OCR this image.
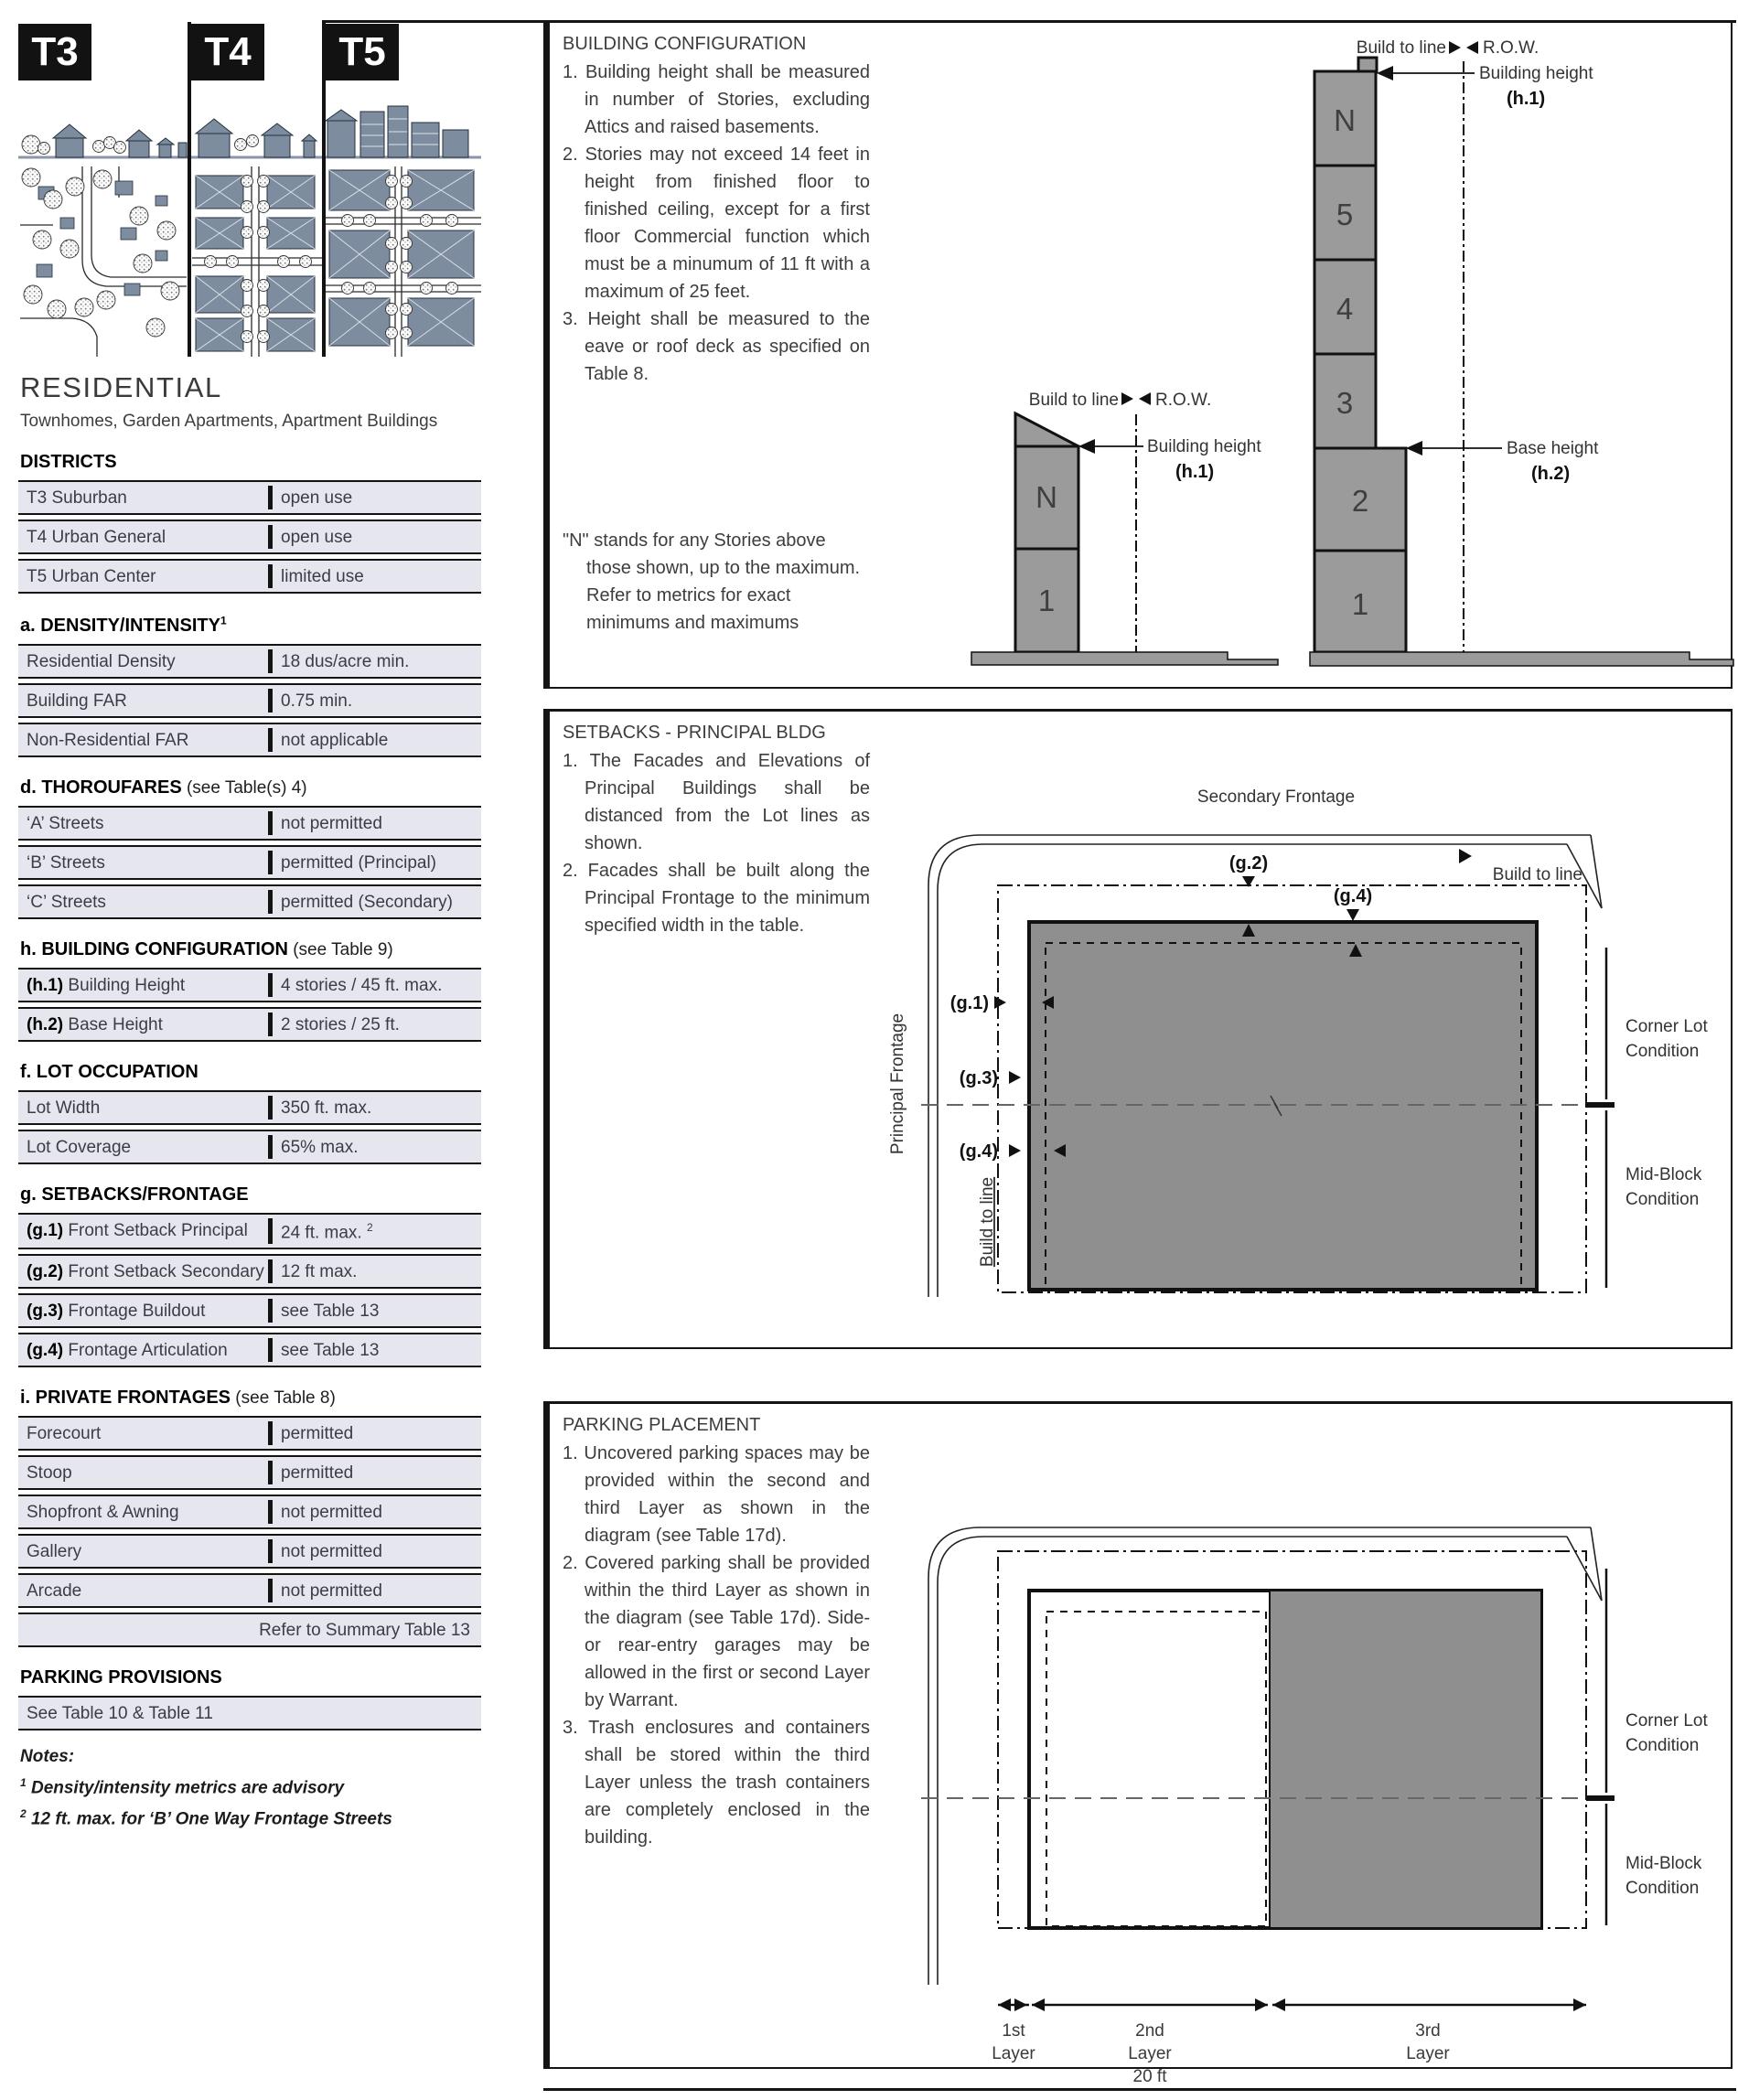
T3	T4 T5
RESIDENTIAL

Townhomes, Garden Apartments, Apartment Buildings

DISTRICTS
T3 Suburban	open use
T4 Urban General	open use
T5 Urban Center	limited use
a. DENSITY/INTENSITY$^1$
Residential Density	18 dus/acre min.
Building FAR	0.75 min.
Non-Residential FAR	not applicable
d. THOROUFARES (see Table(s) 4)
‘A’ Streets	not permitted
‘B’ Streets	permitted (Principal)
‘C’ Streets	permitted (Secondary)
h. BUILDING CONFIGURATION (see Table 9)
(h.1) Building Height	4 stories / 45 ft. max.
(h.2) Base Height	2 stories / 25 ft.
f. LOT OCCUPATION
Lot Width	350 ft. max.
Lot Coverage	65% max.
g. SETBACKS/FRONTAGE
(g.1) Front Setback Principal	24 ft. max. $^2$
(g.2) Front Setback Secondary 12 ft max.
(g.3) Frontage Buildout	see Table 13
(g.4) Frontage Articulation	see Table 13
i. PRIVATE FRONTAGES (see Table 8)
Forecourt	permitted
Stoop	permitted
Shopfront & Awning	not permitted
Gallery	not permitted
Arcade	not permitted
Refer to Summary Table 13
PARKING PROVISIONS
See Table 10 & Table 11

Notes:

$^1$ Density/intensity metrics are advisory

$^2$ 12 ft. max. for ‘B’ One Way Frontage Streets

BUILDING CONFIGURATION

1. Building height shall be measured in number of Stories, excluding Attics and raised basements.
2. Stories may not exceed 14 feet in height from finished floor to finished ceiling, except for a first floor Commercial function which must be a minumum of 11 ft with a maximum of 25 feet.
3. Height shall be measured to the eave or roof deck as specified on Table 8.

"N" stands for any Stories above those shown, up to the maximum. Refer to metrics for exact minimums and maximums

Build to line R.O.W.
N
1
Building height
(h.1)
Build to line R.O.W.
N
5
4
3
2
1
Building height
(h.1)
Base height
(h.2)

SETBACKS - PRINCIPAL BLDG

1. The Facades and Elevations of Principal Buildings shall be distanced from the Lot lines as shown.
2. Facades shall be built along the Principal Frontage to the minimum specified width in the table.
Secondary Frontage
Build to line
(g.2)
(g.4)
(g.1)
(g.3)
(g.4)
Principal Frontage
Build to line
Corner Lot
Condition
Mid-Block
Condition

PARKING PLACEMENT

1. Uncovered parking spaces may be provided within the second and third Layer as shown in the diagram (see Table 17d).
2. Covered parking shall be provided within the third Layer as shown in the diagram (see Table 17d). Side- or rear-entry garages may be allowed in the first or second Layer by Warrant.
3. Trash enclosures and containers shall be stored within the third Layer unless the trash containers are completely enclosed in the building.
Corner Lot
Condition
Mid-Block
Condition
1st
Layer
2nd
Layer
20 ft
3rd
Layer
